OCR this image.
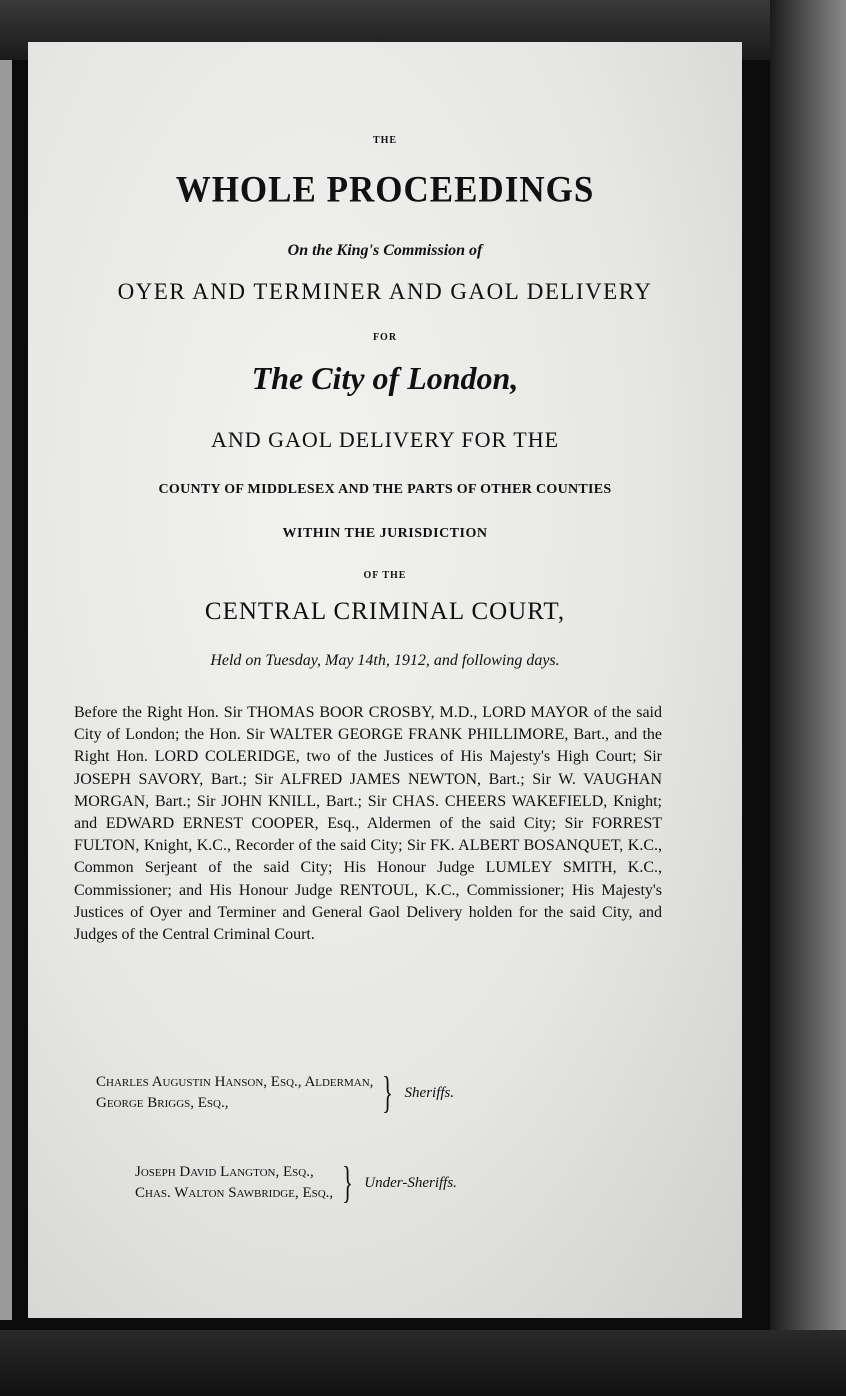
THE
WHOLE PROCEEDINGS
On the King's Commission of
OYER AND TERMINER AND GAOL DELIVERY
FOR
The City of London,
AND GAOL DELIVERY FOR THE
COUNTY OF MIDDLESEX AND THE PARTS OF OTHER COUNTIES
WITHIN THE JURISDICTION
OF THE
CENTRAL CRIMINAL COURT,
Held on Tuesday, May 14th, 1912, and following days.
Before the Right Hon. Sir THOMAS BOOR CROSBY, M.D., LORD MAYOR of the said City of London; the Hon. Sir WALTER GEORGE FRANK PHILLIMORE, Bart., and the Right Hon. LORD COLERIDGE, two of the Justices of His Majesty's High Court; Sir JOSEPH SAVORY, Bart.; Sir ALFRED JAMES NEWTON, Bart.; Sir W. VAUGHAN MORGAN, Bart.; Sir JOHN KNILL, Bart.; Sir CHAS. CHEERS WAKEFIELD, Knight; and EDWARD ERNEST COOPER, Esq., Aldermen of the said City; Sir FORREST FULTON, Knight, K.C., Recorder of the said City; Sir FK. ALBERT BOSANQUET, K.C., Common Serjeant of the said City; His Honour Judge LUMLEY SMITH, K.C., Commissioner; and His Honour Judge RENTOUL, K.C., Commissioner; His Majesty's Justices of Oyer and Terminer and General Gaol Delivery holden for the said City, and Judges of the Central Criminal Court.
Charles Augustin Hanson, Esq., Alderman,
George Briggs, Esq.,	} Sheriffs.
Joseph David Langton, Esq.,
Chas. Walton Sawbridge, Esq., } Under-Sheriffs.
